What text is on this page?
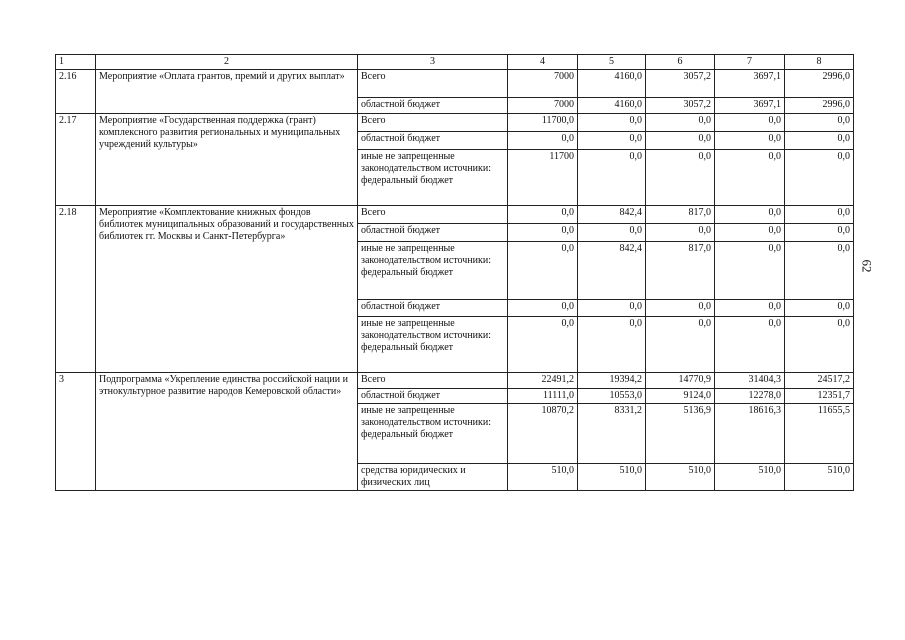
1	2	3	4	5	6	7	8
2.16	Мероприятие «Оплата грантов, премий и других выплат»	Всего	7000	4160,0	3057,2	3697,1	2996,0
		областной бюджет	7000	4160,0	3057,2	3697,1	2996,0
2.17	Мероприятие «Государственная поддержка (грант) комплексного развития региональных и муниципальных учреждений культуры»	Всего	11700,0	0,0	0,0	0,0	0,0
		областной бюджет	0,0	0,0	0,0	0,0	0,0
		иные не запрещенные законодательством источники: федеральный бюджет	11700	0,0	0,0	0,0	0,0
2.18	Мероприятие «Комплектование книжных фондов библиотек муниципальных образований и государственных библиотек гг. Москвы и Санкт-Петербурга»	Всего	0,0	842,4	817,0	0,0	0,0
		областной бюджет	0,0	0,0	0,0	0,0	0,0
		иные не запрещенные законодательством источники: федеральный бюджет	0,0	842,4	817,0	0,0	0,0
		областной бюджет	0,0	0,0	0,0	0,0	0,0
		иные не запрещенные законодательством источники: федеральный бюджет	0,0	0,0	0,0	0,0	0,0
3	Подпрограмма «Укрепление единства российской нации и этнокультурное развитие народов Кемеровской области»	Всего	22491,2	19394,2	14770,9	31404,3	24517,2
		областной бюджет	11111,0	10553,0	9124,0	12278,0	12351,7
		иные не запрещенные законодательством источники: федеральный бюджет	10870,2	8331,2	5136,9	18616,3	11655,5
		средства юридических и физических лиц	510,0	510,0	510,0	510,0	510,0
62
